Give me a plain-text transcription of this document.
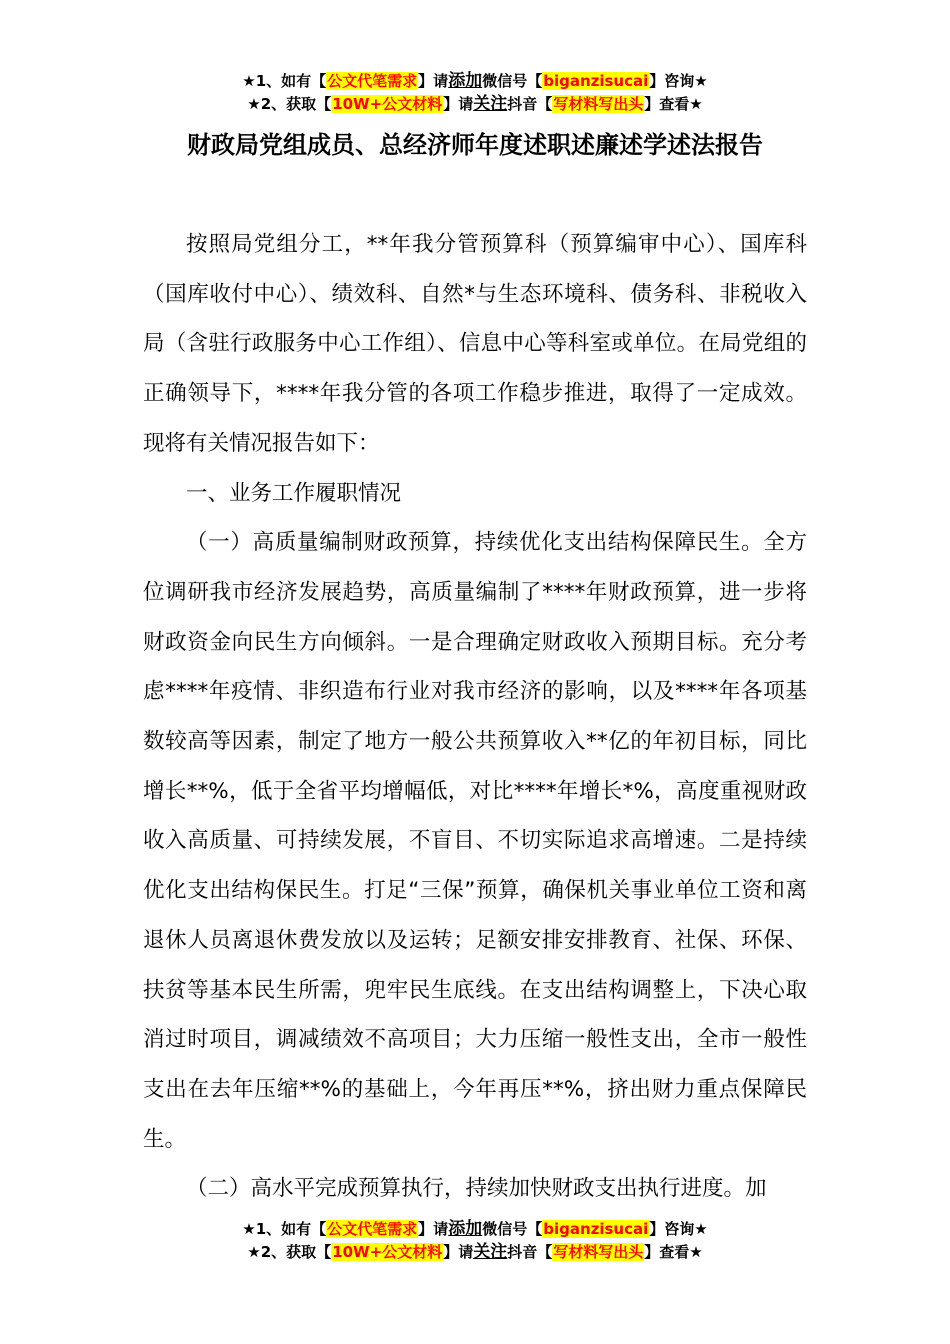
★1、如有【公文代笔需求】请添加微信号【biganzisucai】咨询★
★2、获取【10W+公文材料】请关注抖音【写材料写出头】查看★
财政局党组成员、总经济师年度述职述廉述学述法报告

按照局党组分工，**年我分管预算科（预算编审中心）、国库科（国库收付中心）、绩效科、自然*与生态环境科、债务科、非税收入局（含驻行政服务中心工作组）、信息中心等科室或单位。在局党组的正确领导下，****年我分管的各项工作稳步推进，取得了一定成效。现将有关情况报告如下：

一、业务工作履职情况

（一）高质量编制财政预算，持续优化支出结构保障民生。全方位调研我市经济发展趋势，高质量编制了****年财政预算，进一步将财政资金向民生方向倾斜。一是合理确定财政收入预期目标。充分考虑****年疫情、非织造布行业对我市经济的影响，以及****年各项基数较高等因素，制定了地方一般公共预算收入**亿的年初目标，同比增长**%，低于全省平均增幅低，对比****年增长*%，高度重视财政收入高质量、可持续发展，不盲目、不切实际追求高增速。二是持续优化支出结构保民生。打足“三保”预算，确保机关事业单位工资和离退休人员离退休费发放以及运转；足额安排安排教育、社保、环保、扶贫等基本民生所需，兜牢民生底线。在支出结构调整上，下决心取消过时项目，调减绩效不高项目；大力压缩一般性支出，全市一般性支出在去年压缩**%的基础上，今年再压**%，挤出财力重点保障民生。

（二）高水平完成预算执行，持续加快财政支出执行进度。加

★1、如有【公文代笔需求】请添加微信号【biganzisucai】咨询★
★2、获取【10W+公文材料】请关注抖音【写材料写出头】查看★
